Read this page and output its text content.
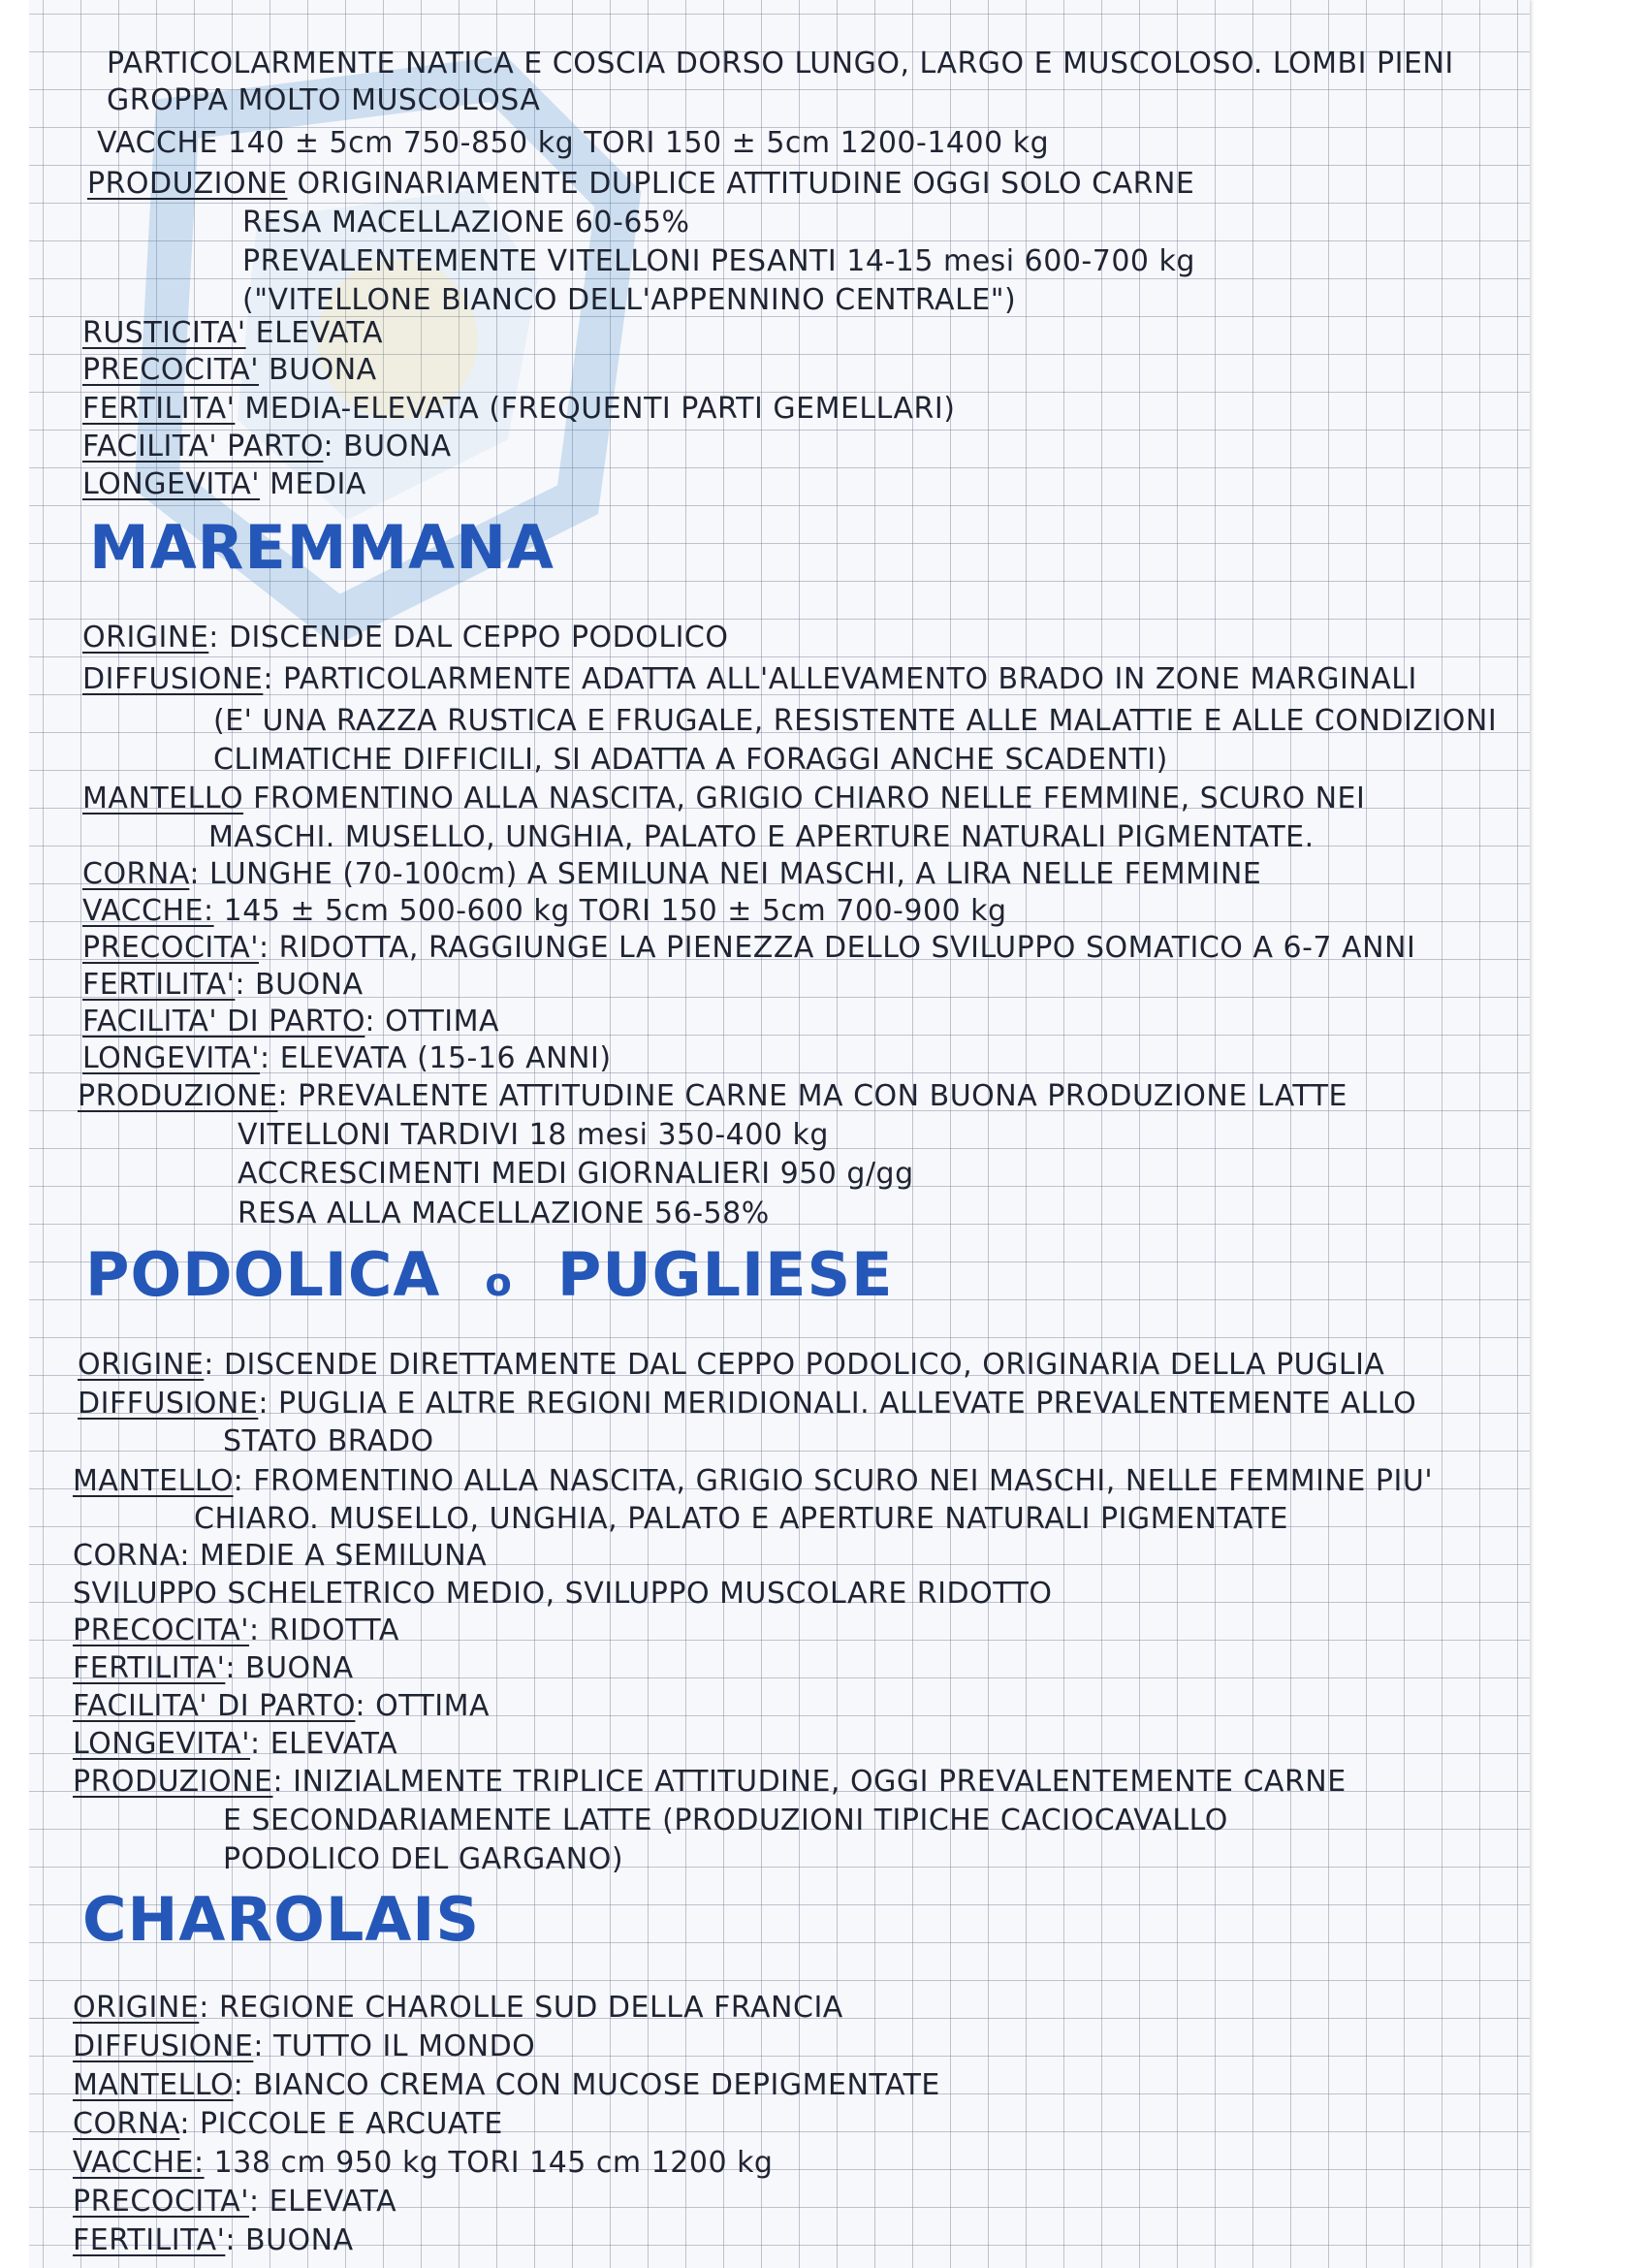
PARTICOLARMENTE NATICA E COSCIA DORSO LUNGO, LARGO E MUSCOLOSO. LOMBI PIENI
GROPPA MOLTO MUSCOLOSA
VACCHE 140 ± 5cm 750-850 kg TORI 150 ± 5cm 1200-1400 kg
PRODUZIONE ORIGINARIAMENTE DUPLICE ATTITUDINE OGGI SOLO CARNE
RESA MACELLAZIONE 60-65%
PREVALENTEMENTE VITELLONI PESANTI 14-15 mesi 600-700 kg
("VITELLONE BIANCO DELL'APPENNINO CENTRALE")
RUSTICITA' ELEVATA
PRECOCITA' BUONA
FERTILITA' MEDIA-ELEVATA (FREQUENTI PARTI GEMELLARI)
FACILITA' PARTO: BUONA
LONGEVITA' MEDIA
MAREMMANA
ORIGINE: DISCENDE DAL CEPPO PODOLICO
DIFFUSIONE: PARTICOLARMENTE ADATTA ALL'ALLEVAMENTO BRADO IN ZONE MARGINALI
(E' UNA RAZZA RUSTICA E FRUGALE, RESISTENTE ALLE MALATTIE E ALLE CONDIZIONI
CLIMATICHE DIFFICILI, SI ADATTA A FORAGGI ANCHE SCADENTI)
MANTELLO FROMENTINO ALLA NASCITA, GRIGIO CHIARO NELLE FEMMINE, SCURO NEI
MASCHI. MUSELLO, UNGHIA, PALATO E APERTURE NATURALI PIGMENTATE.
CORNA: LUNGHE (70-100cm) A SEMILUNA NEI MASCHI, A LIRA NELLE FEMMINE
VACCHE: 145 ± 5cm 500-600 kg TORI 150 ± 5cm 700-900 kg
PRECOCITA': RIDOTTA, RAGGIUNGE LA PIENEZZA DELLO SVILUPPO SOMATICO A 6-7 ANNI
FERTILITA': BUONA
FACILITA' DI PARTO: OTTIMA
LONGEVITA': ELEVATA (15-16 ANNI)
PRODUZIONE: PREVALENTE ATTITUDINE CARNE MA CON BUONA PRODUZIONE LATTE
VITELLONI TARDIVI 18 mesi 350-400 kg
ACCRESCIMENTI MEDI GIORNALIERI 950 g/gg
RESA ALLA MACELLAZIONE 56-58%
PODOLICA o PUGLIESE
ORIGINE: DISCENDE DIRETTAMENTE DAL CEPPO PODOLICO, ORIGINARIA DELLA PUGLIA
DIFFUSIONE: PUGLIA E ALTRE REGIONI MERIDIONALI. ALLEVATE PREVALENTEMENTE ALLO
STATO BRADO
MANTELLO: FROMENTINO ALLA NASCITA, GRIGIO SCURO NEI MASCHI, NELLE FEMMINE PIU'
CHIARO. MUSELLO, UNGHIA, PALATO E APERTURE NATURALI PIGMENTATE
CORNA: MEDIE A SEMILUNA
SVILUPPO SCHELETRICO MEDIO, SVILUPPO MUSCOLARE RIDOTTO
PRECOCITA': RIDOTTA
FERTILITA': BUONA
FACILITA' DI PARTO: OTTIMA
LONGEVITA': ELEVATA
PRODUZIONE: INIZIALMENTE TRIPLICE ATTITUDINE, OGGI PREVALENTEMENTE CARNE
E SECONDARIAMENTE LATTE (PRODUZIONI TIPICHE CACIOCAVALLO
PODOLICO DEL GARGANO)
CHAROLAIS
ORIGINE: REGIONE CHAROLLE SUD DELLA FRANCIA
DIFFUSIONE: TUTTO IL MONDO
MANTELLO: BIANCO CREMA CON MUCOSE DEPIGMENTATE
CORNA: PICCOLE E ARCUATE
VACCHE: 138 cm 950 kg TORI 145 cm 1200 kg
PRECOCITA': ELEVATA
FERTILITA': BUONA
